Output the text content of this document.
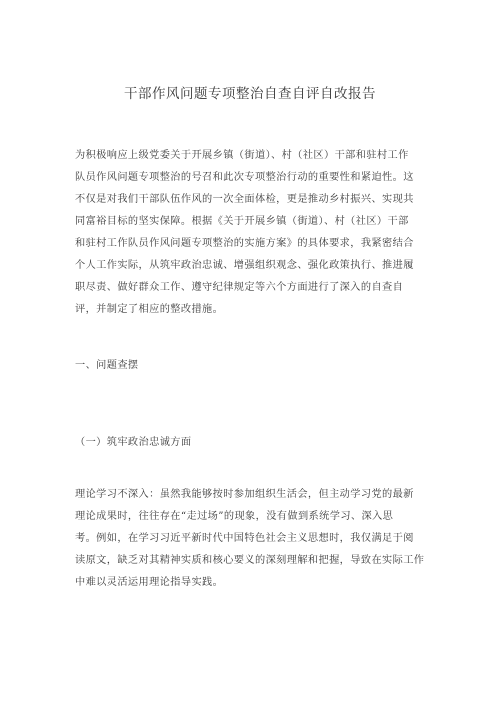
干部作风问题专项整治自查自评自改报告
为积极响应上级党委关于开展乡镇（街道）、村（社区）干部和驻村工作
队员作风问题专项整治的号召和此次专项整治行动的重要性和紧迫性。这
不仅是对我们干部队伍作风的一次全面体检，更是推动乡村振兴、实现共
同富裕目标的坚实保障。根据《关于开展乡镇（街道）、村（社区）干部
和驻村工作队员作风问题专项整治的实施方案》的具体要求，我紧密结合
个人工作实际，从筑牢政治忠诚、增强组织观念、强化政策执行、推进履
职尽责、做好群众工作、遵守纪律规定等六个方面进行了深入的自查自
评，并制定了相应的整改措施。
一、问题查摆
（一）筑牢政治忠诚方面
理论学习不深入：虽然我能够按时参加组织生活会，但主动学习党的最新
理论成果时，往往存在“走过场”的现象，没有做到系统学习、深入思
考。例如，在学习习近平新时代中国特色社会主义思想时，我仅满足于阅
读原文，缺乏对其精神实质和核心要义的深刻理解和把握，导致在实际工作
中难以灵活运用理论指导实践。
